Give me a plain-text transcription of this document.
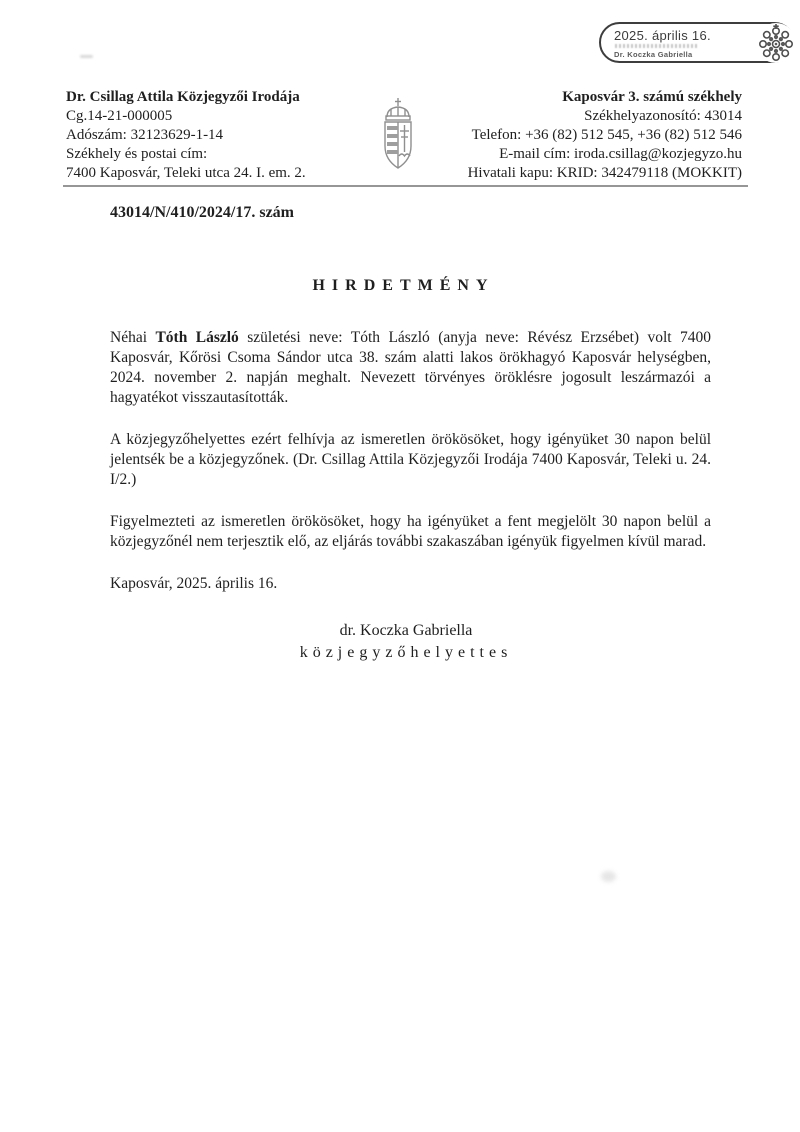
2025. április 16.
Dr. Koczka Gabriella
Dr. Csillag Attila Közjegyzői Irodája
Cg.14-21-000005
Adószám: 32123629-1-14
Székhely és postai cím:
7400 Kaposvár, Teleki utca 24. I. em. 2.
Kaposvár 3. számú székhely
Székhelyazonosító: 43014
Telefon: +36 (82) 512 545, +36 (82) 512 546
E-mail cím: iroda.csillag@kozjegyzo.hu
Hivatali kapu: KRID: 342479118 (MOKKIT)
43014/N/410/2024/17. szám
HIRDETMÉNY

Néhai Tóth László születési neve: Tóth László (anyja neve: Révész Erzsébet) volt 7400 Kaposvár, Kőrösi Csoma Sándor utca 38. szám alatti lakos örökhagyó Kaposvár helységben, 2024. november 2. napján meghalt. Nevezett törvényes öröklésre jogosult leszármazói a hagyatékot visszautasították.

A közjegyzőhelyettes ezért felhívja az ismeretlen örökösöket, hogy igényüket 30 napon belül jelentsék be a közjegyzőnek. (Dr. Csillag Attila Közjegyzői Irodája 7400 Kaposvár, Teleki u. 24. I/2.)

Figyelmezteti az ismeretlen örökösöket, hogy ha igényüket a fent megjelölt 30 napon belül a közjegyzőnél nem terjesztik elő, az eljárás további szakaszában igényük figyelmen kívül marad.

Kaposvár, 2025. április 16.

dr. Koczka Gabriella
közjegyzőhelyettes
